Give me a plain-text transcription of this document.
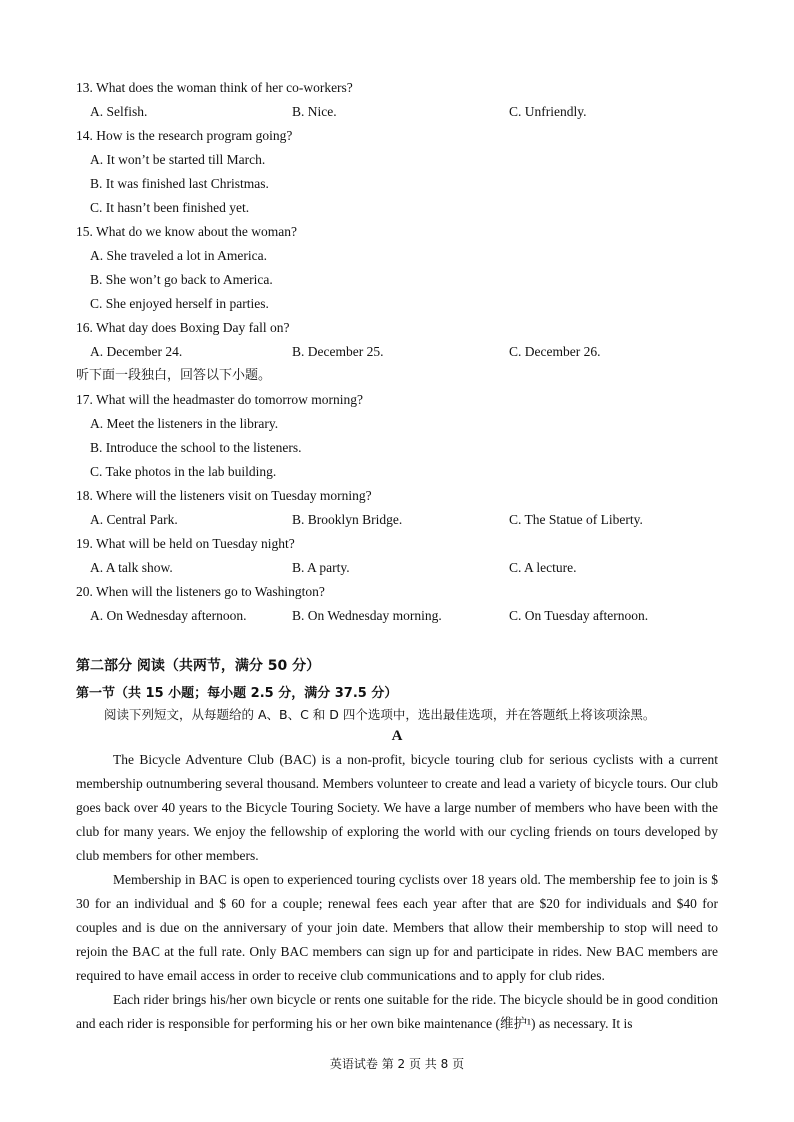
13. What does the woman think of her co-workers?
A. Selfish.	B. Nice.	C. Unfriendly.
14. How is the research program going?
A. It won’t be started till March.
B. It was finished last Christmas.
C. It hasn’t been finished yet.
15. What do we know about the woman?
A. She traveled a lot in America.
B. She won’t go back to America.
C. She enjoyed herself in parties.
16. What day does Boxing Day fall on?
A. December 24.	B. December 25.	C. December 26.
听下面一段独白，回答以下小题。
17. What will the headmaster do tomorrow morning?
A. Meet the listeners in the library.
B. Introduce the school to the listeners.
C. Take photos in the lab building.
18. Where will the listeners visit on Tuesday morning?
A. Central Park.	B. Brooklyn Bridge.	C. The Statue of Liberty.
19. What will be held on Tuesday night?
A. A talk show.	B. A party.	C. A lecture.
20. When will the listeners go to Washington?
A. On Wednesday afternoon.	B. On Wednesday morning.	C. On Tuesday afternoon.
第二部分 阅读（共两节，满分 50 分）
第一节（共 15 小题；每小题 2.5 分，满分 37.5 分）
阅读下列短文，从每题给的 A、B、C 和 D 四个选项中，选出最佳选项，并在答题纸上将该项涂黑。
A

The Bicycle Adventure Club (BAC) is a non-profit, bicycle touring club for serious cyclists with a current membership outnumbering several thousand. Members volunteer to create and lead a variety of bicycle tours. Our club goes back over 40 years to the Bicycle Touring Society. We have a large number of members who have been with the club for many years. We enjoy the fellowship of exploring the world with our cycling friends on tours developed by club members for other members.

Membership in BAC is open to experienced touring cyclists over 18 years old. The membership fee to join is $ 30 for an individual and $ 60 for a couple; renewal fees each year after that are $20 for individuals and $40 for couples and is due on the anniversary of your join date. Members that allow their membership to stop will need to rejoin the BAC at the full rate. Only BAC members can sign up for and participate in rides. New BAC members are required to have email access in order to receive club communications and to apply for club rides.

Each rider brings his/her own bicycle or rents one suitable for the ride. The bicycle should be in good condition and each rider is responsible for performing his or her own bike maintenance (维护¹) as necessary. It is

英语试卷 第 2 页 共 8 页
